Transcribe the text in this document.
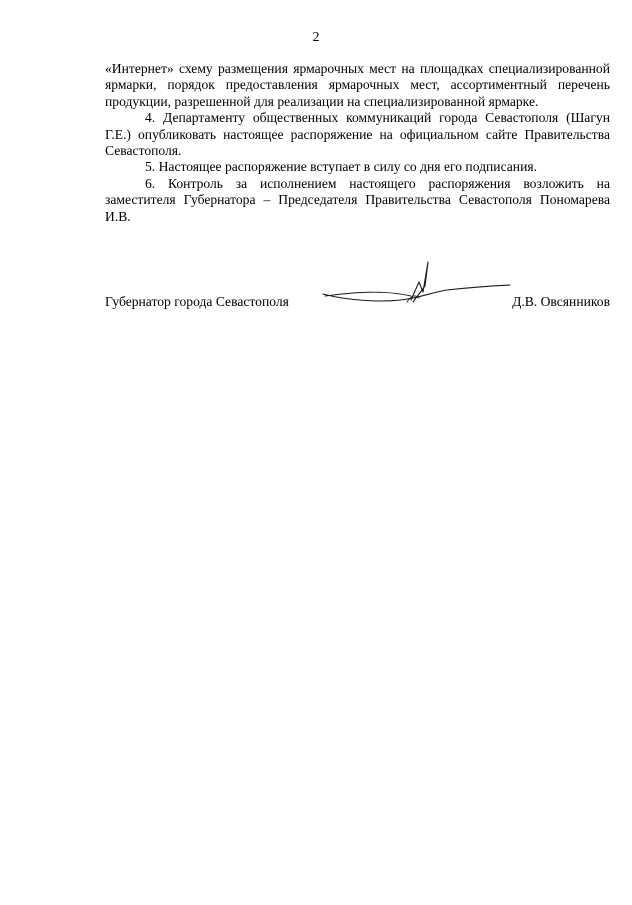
2

«Интернет» схему размещения ярмарочных мест на площадках специализированной ярмарки, порядок предоставления ярмарочных мест, ассортиментный перечень продукции, разрешенной для реализации на специализированной ярмарке.

4. Департаменту общественных коммуникаций города Севастополя (Шагун Г.Е.) опубликовать настоящее распоряжение на официальном сайте Правительства Севастополя.

5. Настоящее распоряжение вступает в силу со дня его подписания.

6. Контроль за исполнением настоящего распоряжения возложить на заместителя Губернатора – Председателя Правительства Севастополя Пономарева И.В.

Губернатор города Севастополя	Д.В. Овсянников
